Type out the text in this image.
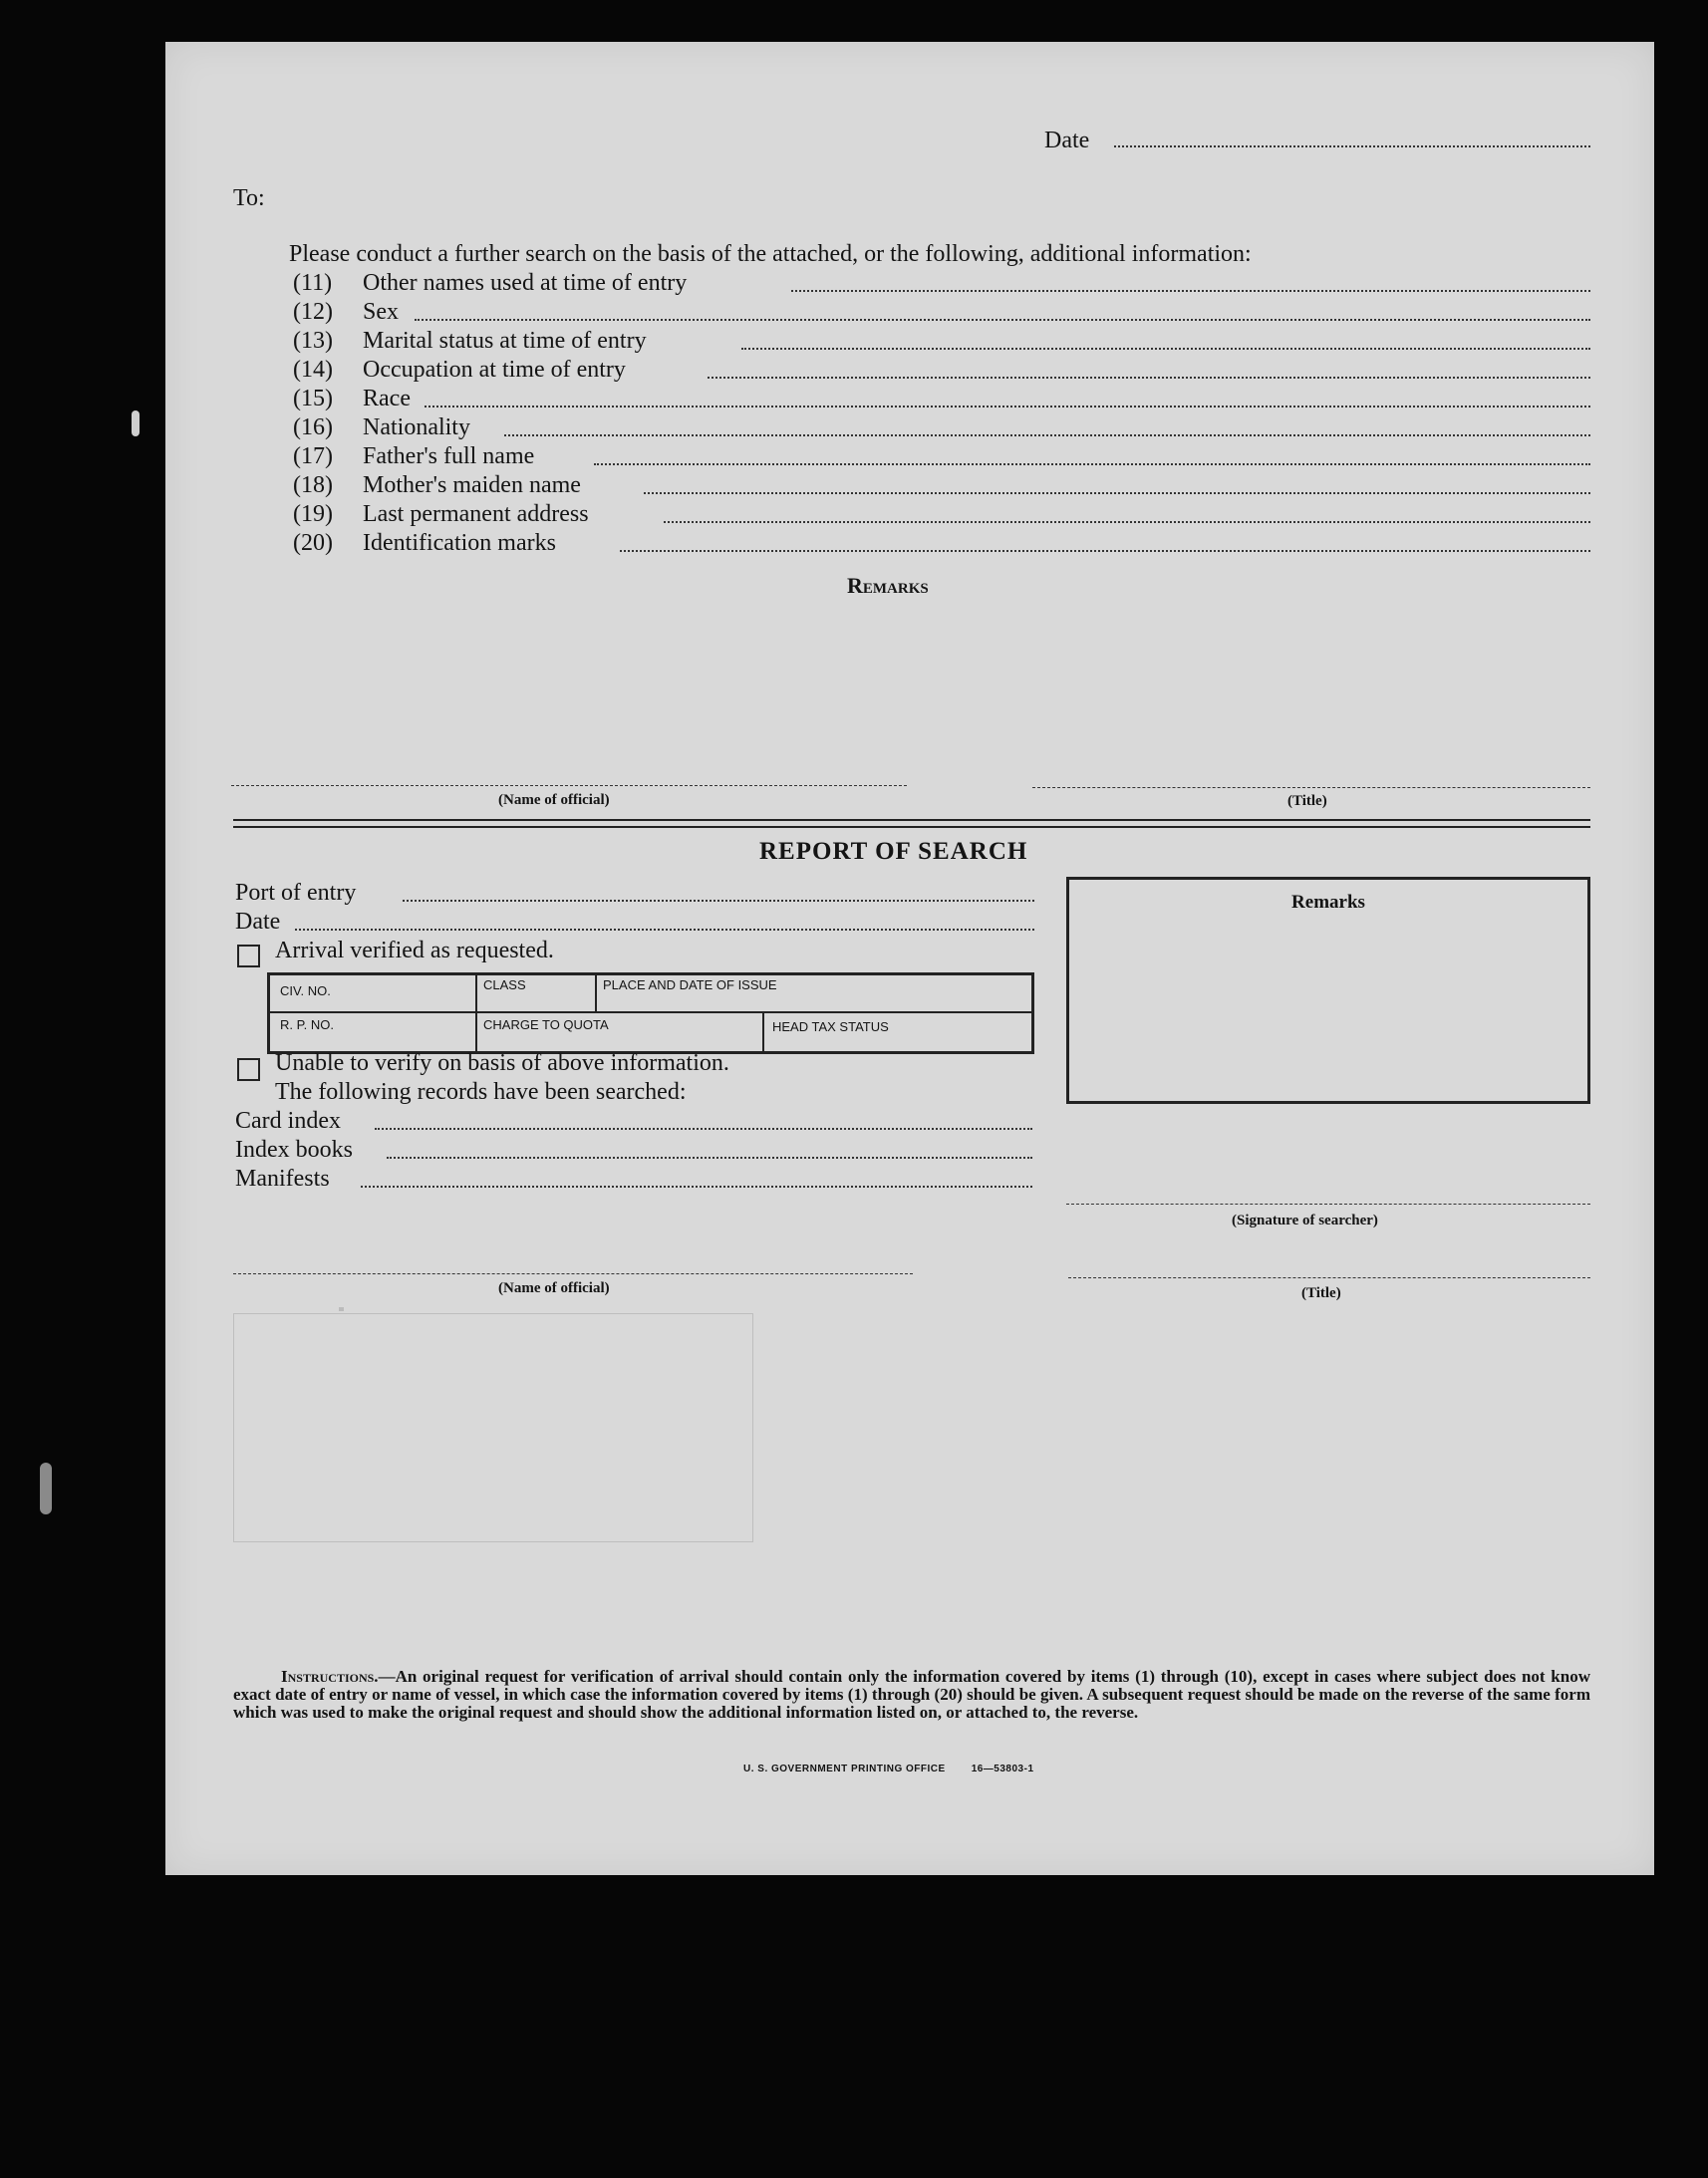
Date
To:
Please conduct a further search on the basis of the attached, or the following, additional information:
(11) Other names used at time of entry
(12) Sex
(13) Marital status at time of entry
(14) Occupation at time of entry
(15) Race
(16) Nationality
(17) Father's full name
(18) Mother's maiden name
(19) Last permanent address
(20) Identification marks
Remarks
(Name of official)	(Title)
REPORT OF SEARCH
Port of entry
Date
Arrival verified as requested.
CIV. NO.	CLASS	PLACE AND DATE OF ISSUE
R. P. NO.	CHARGE TO QUOTA	HEAD TAX STATUS
Unable to verify on basis of above information.
The following records have been searched:
Card index
Index books
Manifests
Remarks
(Signature of searcher)
(Name of official)	(Title)
Instructions.—An original request for verification of arrival should contain only the information covered by items (1) through (10), except in cases where subject does not know exact date of entry or name of vessel, in which case the information covered by items (1) through (20) should be given. A subsequent request should be made on the reverse of the same form which was used to make the original request and should show the additional information listed on, or attached to, the reverse.
U. S. GOVERNMENT PRINTING OFFICE	16—53803-1
